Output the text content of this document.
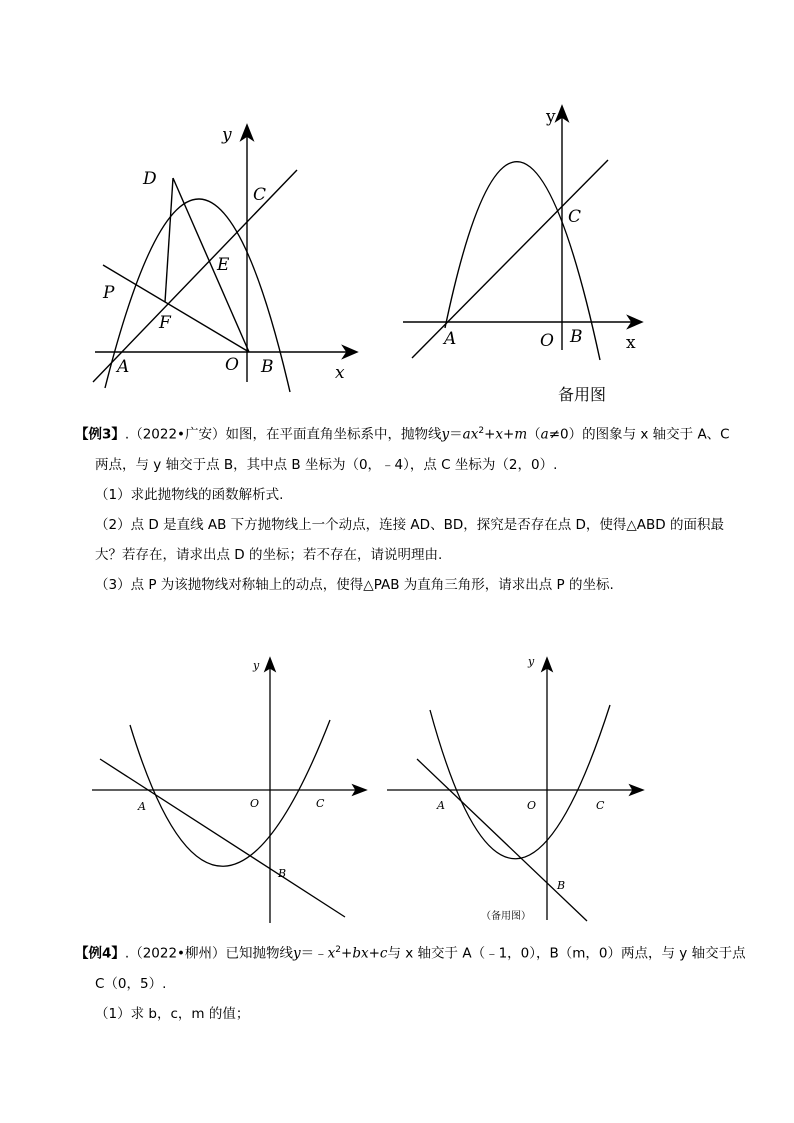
y
D
C
E
P
F
A	O B	x
y
C
A	O B	x
备用图
【例3】.（2022•广安）如图，在平面直角坐标系中，抛物线$y=ax^2+x+m(a\ne 0)$的图象与 x 轴交于 A、C
两点，与 y 轴交于点 B，其中点 B 坐标为（0，﹣4），点 C 坐标为（2，0）.
（1）求此抛物线的函数解析式.
（2）点 D 是直线 AB 下方抛物线上一个动点，连接 AD、BD，探究是否存在点 D，使得△ABD 的面积最
大？若存在，请求出点 D 的坐标；若不存在，请说明理由.
（3）点 P 为该抛物线对称轴上的动点，使得△PAB 为直角三角形，请求出点 P 的坐标.
y
A	O	C
B
y
A	O	C
B
（备用图）
【例4】.（2022•柳州）已知抛物线$y=﹣x^2+bx+c$与 x 轴交于 A（﹣1，0），B（m，0）两点，与 y 轴交于点
C（0，5）.
（1）求 b，c，m 的值；
